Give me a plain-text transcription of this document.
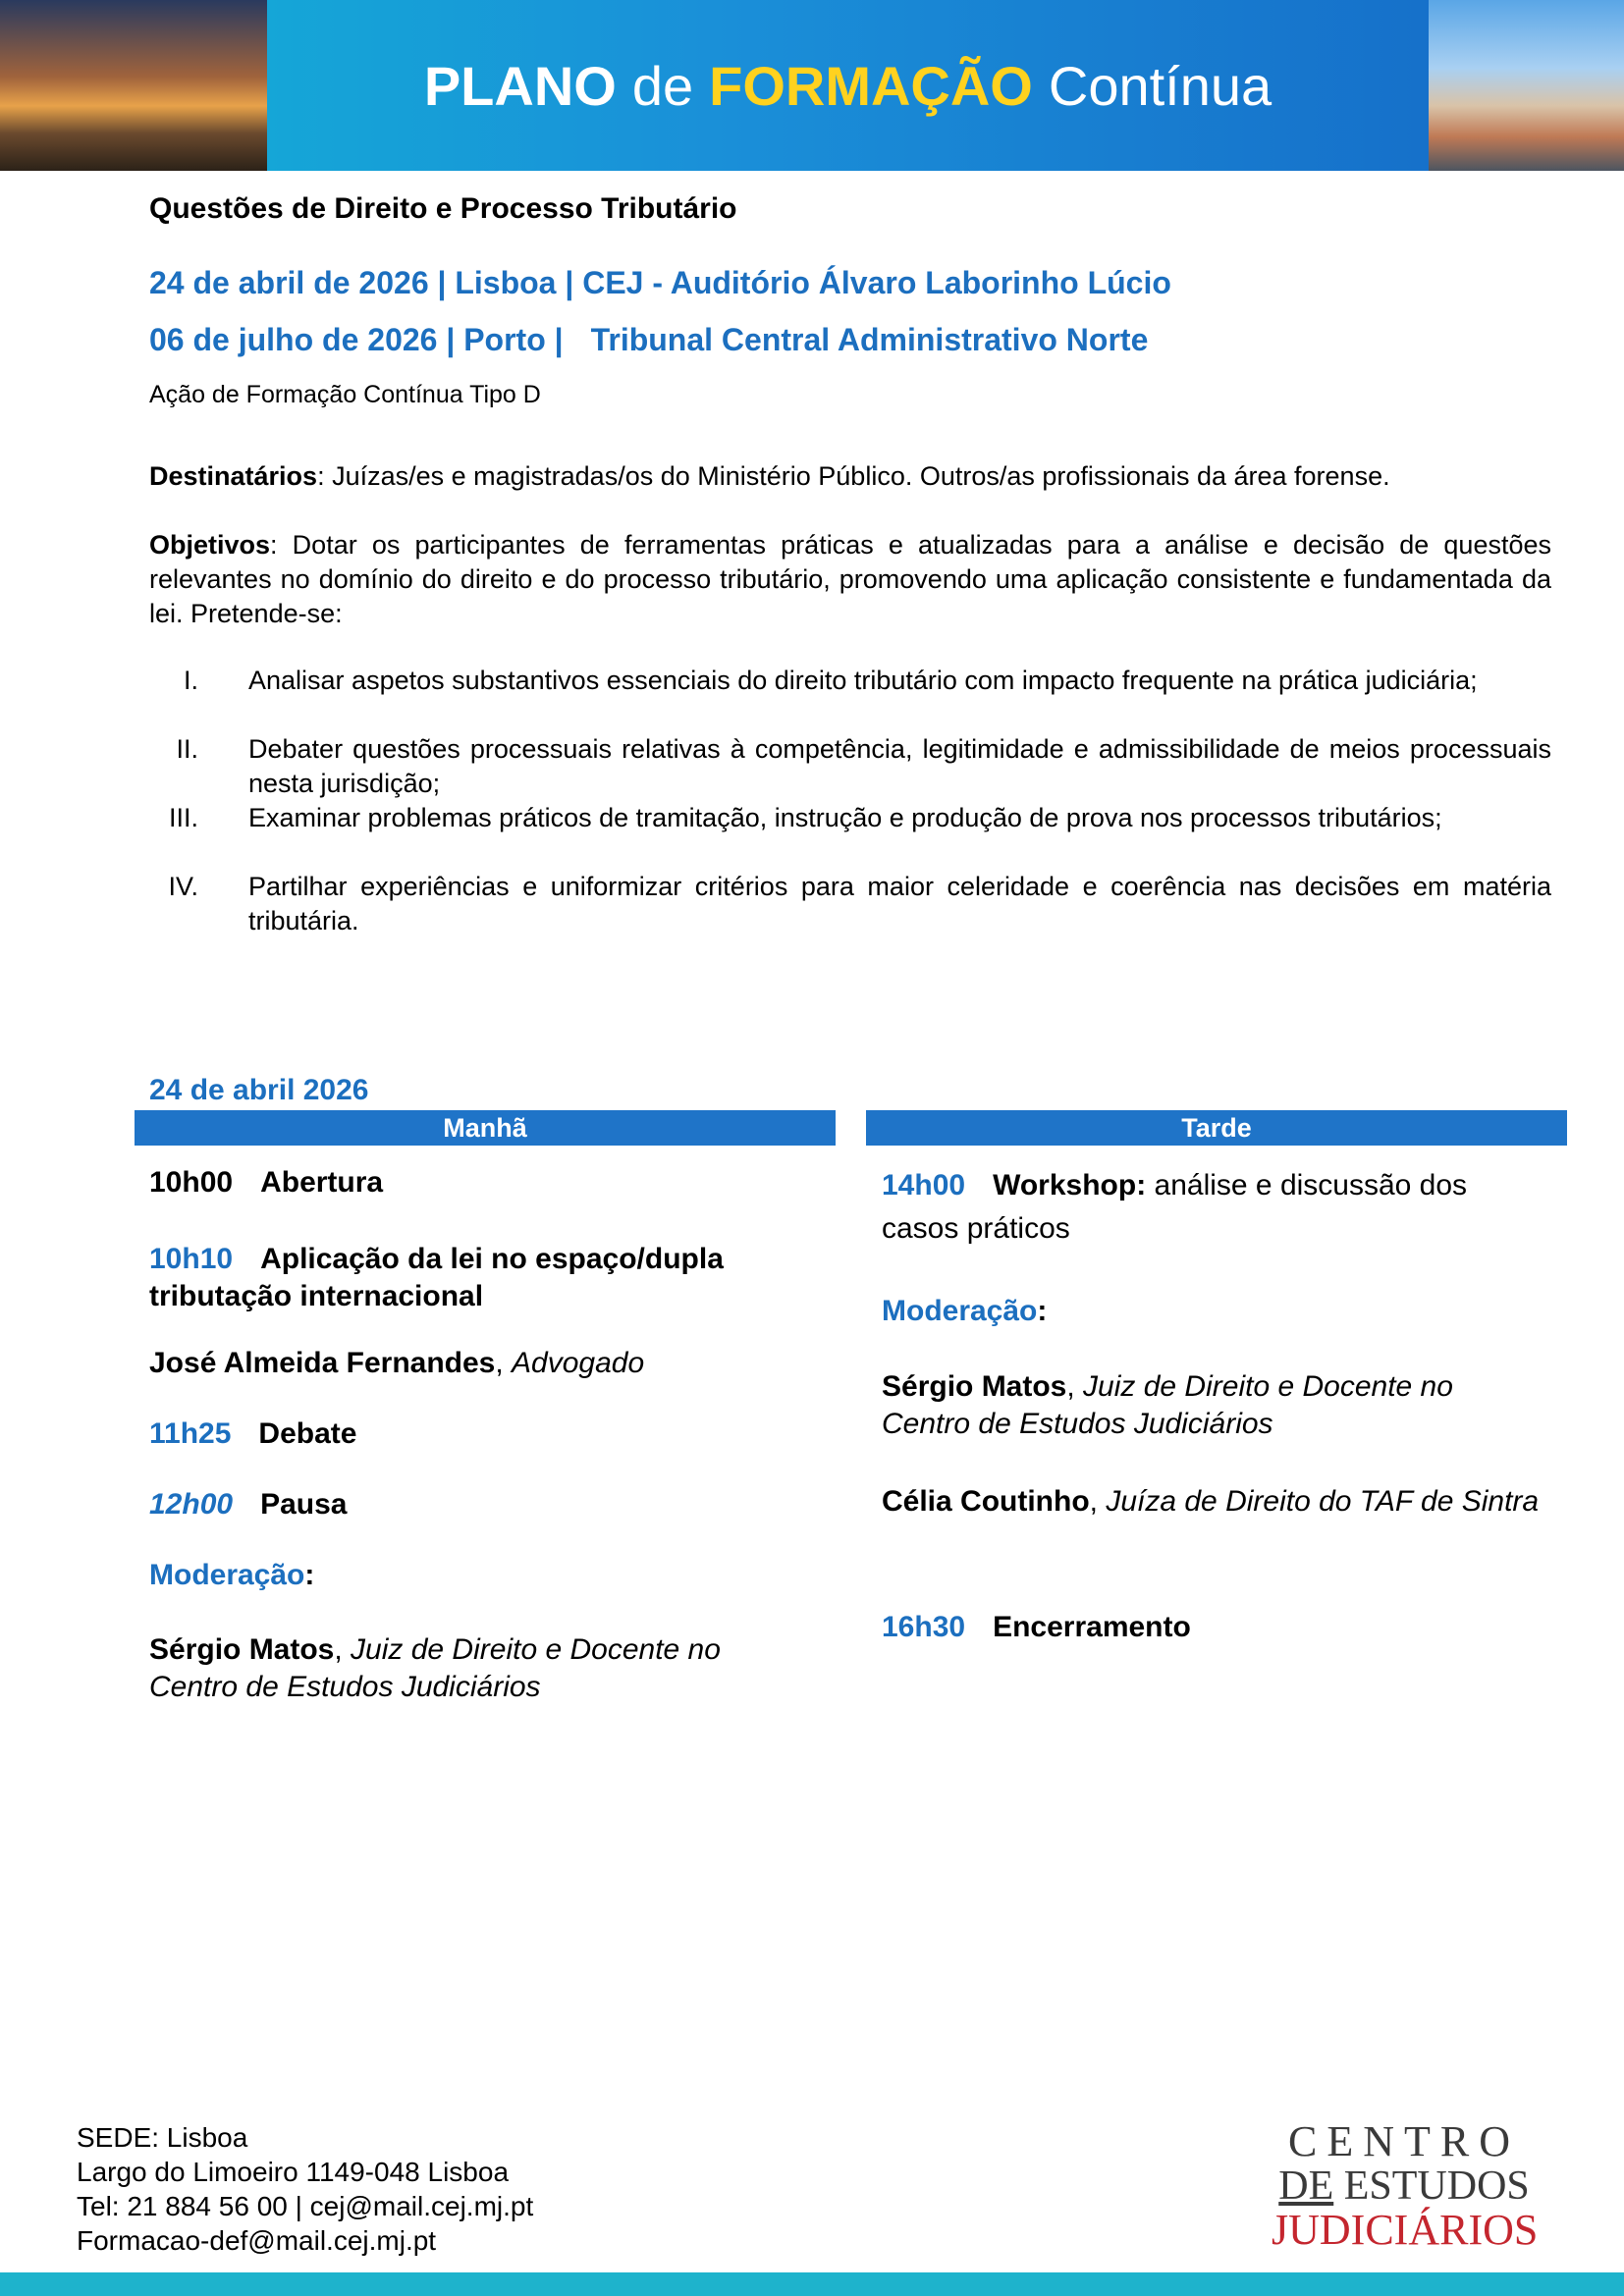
PLANO de FORMAÇÃO Contínua
Questões de Direito e Processo Tributário
24 de abril de 2026 | Lisboa | CEJ - Auditório Álvaro Laborinho Lúcio
06 de julho de 2026 | Porto | Tribunal Central Administrativo Norte
Ação de Formação Contínua Tipo D
Destinatários: Juízas/es e magistradas/os do Ministério Público. Outros/as profissionais da área forense.
Objetivos: Dotar os participantes de ferramentas práticas e atualizadas para a análise e decisão de questões relevantes no domínio do direito e do processo tributário, promovendo uma aplicação consistente e fundamentada da lei. Pretende-se:
I. Analisar aspetos substantivos essenciais do direito tributário com impacto frequente na prática judiciária;
II. Debater questões processuais relativas à competência, legitimidade e admissibilidade de meios processuais nesta jurisdição;
III. Examinar problemas práticos de tramitação, instrução e produção de prova nos processos tributários;
IV. Partilhar experiências e uniformizar critérios para maior celeridade e coerência nas decisões em matéria tributária.
24 de abril 2026
Manhã
10h00 Abertura
10h10 Aplicação da lei no espaço/dupla tributação internacional
José Almeida Fernandes, Advogado
11h25 Debate
12h00 Pausa
Moderação:
Sérgio Matos, Juiz de Direito e Docente no Centro de Estudos Judiciários
Tarde
14h00 Workshop: análise e discussão dos casos práticos
Moderação:
Sérgio Matos, Juiz de Direito e Docente no Centro de Estudos Judiciários
Célia Coutinho, Juíza de Direito do TAF de Sintra
16h30 Encerramento
SEDE: Lisboa
Largo do Limoeiro 1149-048 Lisboa
Tel: 21 884 56 00 | cej@mail.cej.mj.pt
Formacao-def@mail.cej.mj.pt
CENTRO
DE ESTUDOS
JUDICIÁRIOS
